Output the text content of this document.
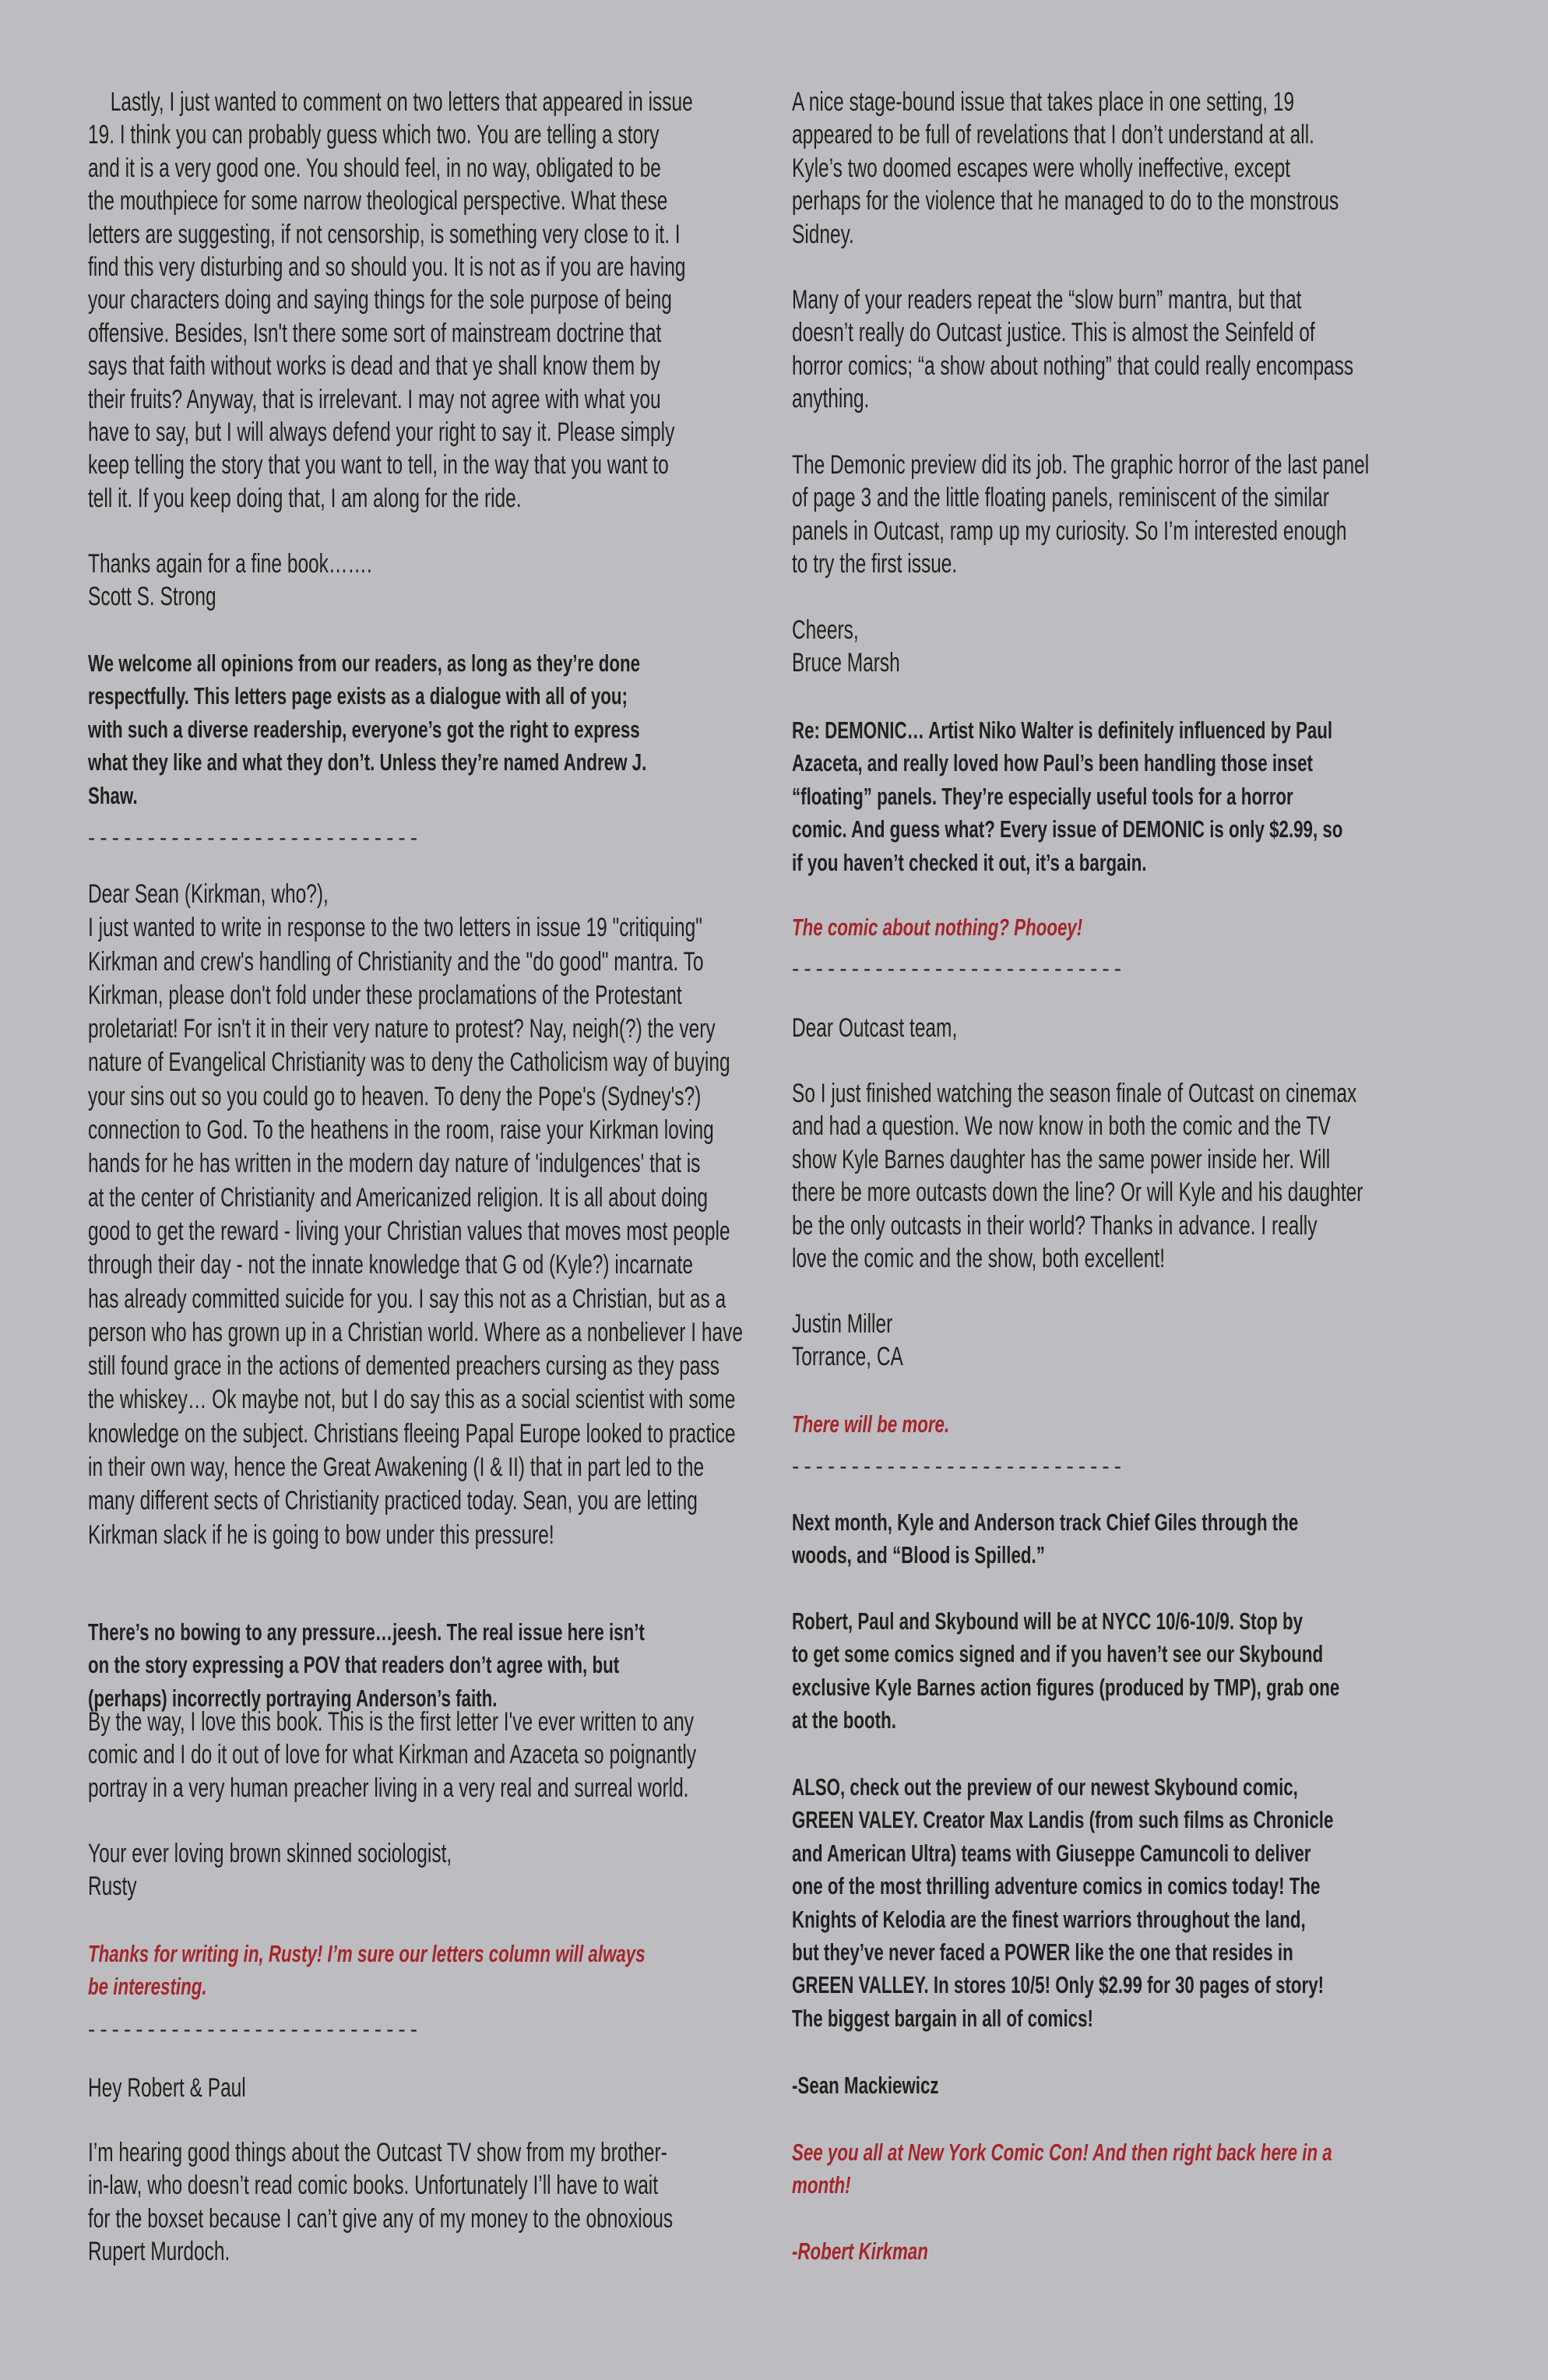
Lastly, I just wanted to comment on two letters that appeared in issue
19. I think you can probably guess which two. You are telling a story
and it is a very good one. You should feel, in no way, obligated to be
the mouthpiece for some narrow theological perspective. What these
letters are suggesting, if not censorship, is something very close to it. I
find this very disturbing and so should you. It is not as if you are having
your characters doing and saying things for the sole purpose of being
offensive. Besides, Isn't there some sort of mainstream doctrine that
says that faith without works is dead and that ye shall know them by
their fruits? Anyway, that is irrelevant. I may not agree with what you
have to say, but I will always defend your right to say it. Please simply
keep telling the story that you want to tell, in the way that you want to
tell it. If you keep doing that, I am along for the ride.
Thanks again for a fine book…….
Scott S. Strong
We welcome all opinions from our readers, as long as they’re done
respectfully. This letters page exists as a dialogue with all of you;
with such a diverse readership, everyone’s got the right to express
what they like and what they don’t. Unless they’re named Andrew J.
Shaw.
----------------------------
Dear Sean (Kirkman, who?),
I just wanted to write in response to the two letters in issue 19 "critiquing"
Kirkman and crew's handling of Christianity and the "do good" mantra. To
Kirkman, please don't fold under these proclamations of the Protestant
proletariat! For isn't it in their very nature to protest? Nay, neigh(?) the very
nature of Evangelical Christianity was to deny the Catholicism way of buying
your sins out so you could go to heaven. To deny the Pope's (Sydney's?)
connection to God. To the heathens in the room, raise your Kirkman loving
hands for he has written in the modern day nature of 'indulgences' that is
at the center of Christianity and Americanized religion. It is all about doing
good to get the reward - living your Christian values that moves most people
through their day - not the innate knowledge that G od (Kyle?) incarnate
has already committed suicide for you. I say this not as a Christian, but as a
person who has grown up in a Christian world. Where as a nonbeliever I have
still found grace in the actions of demented preachers cursing as they pass
the whiskey… Ok maybe not, but I do say this as a social scientist with some
knowledge on the subject. Christians fleeing Papal Europe looked to practice
in their own way, hence the Great Awakening (I & II) that in part led to the
many different sects of Christianity practiced today. Sean, you are letting
Kirkman slack if he is going to bow under this pressure!
There’s no bowing to any pressure…jeesh. The real issue here isn’t
on the story expressing a POV that readers don’t agree with, but
(perhaps) incorrectly portraying Anderson’s faith.
By the way, I love this book. This is the first letter I've ever written to any
comic and I do it out of love for what Kirkman and Azaceta so poignantly
portray in a very human preacher living in a very real and surreal world.
Your ever loving brown skinned sociologist,
Rusty
Thanks for writing in, Rusty! I’m sure our letters column will always
be interesting.
----------------------------
Hey Robert & Paul
I’m hearing good things about the Outcast TV show from my brother-
in-law, who doesn’t read comic books. Unfortunately I’ll have to wait
for the boxset because I can’t give any of my money to the obnoxious
Rupert Murdoch.
A nice stage-bound issue that takes place in one setting, 19
appeared to be full of revelations that I don’t understand at all.
Kyle’s two doomed escapes were wholly ineffective, except
perhaps for the violence that he managed to do to the monstrous
Sidney.
Many of your readers repeat the “slow burn” mantra, but that
doesn’t really do Outcast justice. This is almost the Seinfeld of
horror comics; “a show about nothing” that could really encompass
anything.
The Demonic preview did its job. The graphic horror of the last panel
of page 3 and the little floating panels, reminiscent of the similar
panels in Outcast, ramp up my curiosity. So I’m interested enough
to try the first issue.
Cheers,
Bruce Marsh
Re: DEMONIC… Artist Niko Walter is definitely influenced by Paul
Azaceta, and really loved how Paul’s been handling those inset
“floating” panels. They’re especially useful tools for a horror
comic. And guess what? Every issue of DEMONIC is only $2.99, so
if you haven’t checked it out, it’s a bargain.
The comic about nothing? Phooey!
----------------------------
Dear Outcast team,
So I just finished watching the season finale of Outcast on cinemax
and had a question. We now know in both the comic and the TV
show Kyle Barnes daughter has the same power inside her. Will
there be more outcasts down the line? Or will Kyle and his daughter
be the only outcasts in their world? Thanks in advance. I really
love the comic and the show, both excellent!
Justin Miller
Torrance, CA
There will be more.
----------------------------
Next month, Kyle and Anderson track Chief Giles through the
woods, and “Blood is Spilled.”
Robert, Paul and Skybound will be at NYCC 10/6-10/9. Stop by
to get some comics signed and if you haven’t see our Skybound
exclusive Kyle Barnes action figures (produced by TMP), grab one
at the booth.
ALSO, check out the preview of our newest Skybound comic,
GREEN VALEY. Creator Max Landis (from such films as Chronicle
and American Ultra) teams with Giuseppe Camuncoli to deliver
one of the most thrilling adventure comics in comics today! The
Knights of Kelodia are the finest warriors throughout the land,
but they’ve never faced a POWER like the one that resides in
GREEN VALLEY. In stores 10/5! Only $2.99 for 30 pages of story!
The biggest bargain in all of comics!
-Sean Mackiewicz
See you all at New York Comic Con! And then right back here in a
month!
-Robert Kirkman
